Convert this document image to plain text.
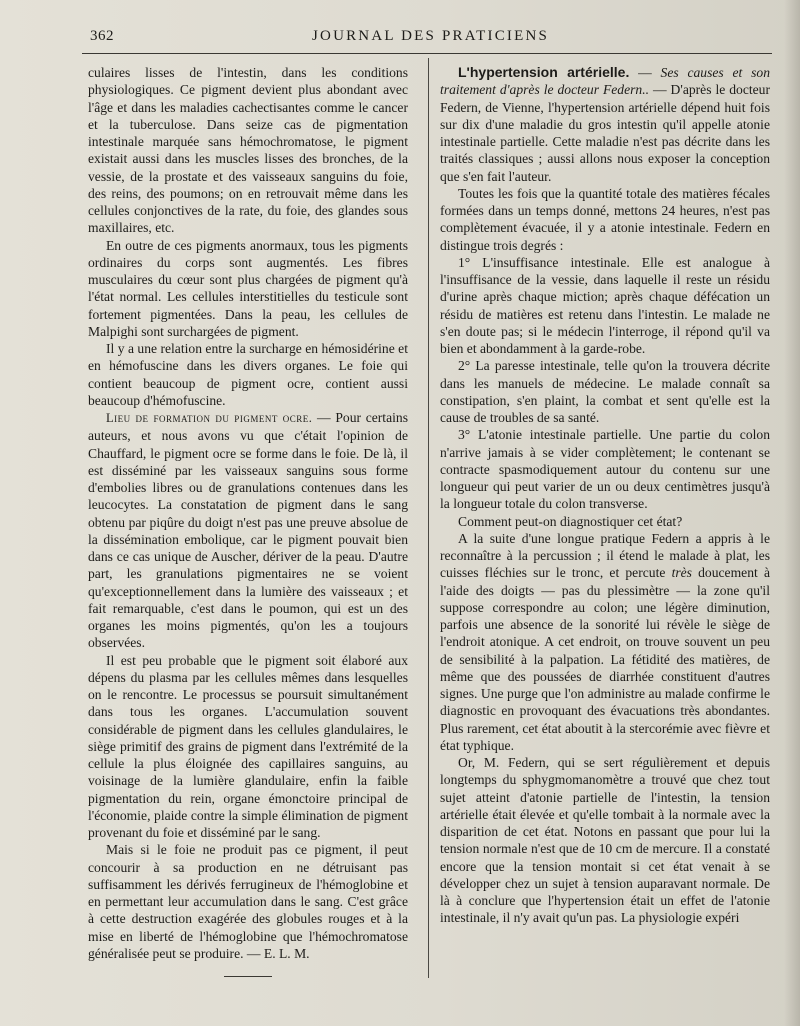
362	JOURNAL DES PRATICIENS

culaires lisses de l'intestin, dans les conditions physiologiques. Ce pigment devient plus abondant avec l'âge et dans les maladies cachectisantes comme le cancer et la tuberculose. Dans seize cas de pigmentation intestinale marquée sans hémochromatose, le pigment existait aussi dans les muscles lisses des bronches, de la vessie, de la prostate et des vaisseaux sanguins du foie, des reins, des poumons; on en retrouvait même dans les cellules conjonctives de la rate, du foie, des glandes sous maxillaires, etc.

En outre de ces pigments anormaux, tous les pigments ordinaires du corps sont augmentés. Les fibres musculaires du cœur sont plus chargées de pigment qu'à l'état normal. Les cellules interstitielles du testicule sont fortement pigmentées. Dans la peau, les cellules de Malpighi sont surchargées de pigment.

Il y a une relation entre la surcharge en hémosidérine et en hémofuscine dans les divers organes. Le foie qui contient beaucoup de pigment ocre, contient aussi beaucoup d'hémofuscine.

Lieu de formation du pigment ocre. — Pour certains auteurs, et nous avons vu que c'était l'opinion de Chauffard, le pigment ocre se forme dans le foie. De là, il est disséminé par les vaisseaux sanguins sous forme d'embolies libres ou de granulations contenues dans les leucocytes. La constatation de pigment dans le sang obtenu par piqûre du doigt n'est pas une preuve absolue de la dissémination embolique, car le pigment pouvait bien dans ce cas unique de Auscher, dériver de la peau. D'autre part, les granulations pigmentaires ne se voient qu'exceptionnellement dans la lumière des vaisseaux ; et fait remarquable, c'est dans le poumon, qui est un des organes les moins pigmentés, qu'on les a toujours observées.

Il est peu probable que le pigment soit élaboré aux dépens du plasma par les cellules mêmes dans lesquelles on le rencontre. Le processus se poursuit simultanément dans tous les organes. L'accumulation souvent considérable de pigment dans les cellules glandulaires, le siège primitif des grains de pigment dans l'extrémité de la cellule la plus éloignée des capillaires sanguins, au voisinage de la lumière glandulaire, enfin la faible pigmentation du rein, organe émonctoire principal de l'économie, plaide contre la simple élimination de pigment provenant du foie et disséminé par le sang.

Mais si le foie ne produit pas ce pigment, il peut concourir à sa production en ne détruisant pas suffisamment les dérivés ferrugineux de l'hémoglobine et en permettant leur accumulation dans le sang. C'est grâce à cette destruction exagérée des globules rouges et à la mise en liberté de l'hémoglobine que l'hémochromatose généralisée peut se produire. — E. L. M.

L'hypertension artérielle. — Ses causes et son traitement d'après le docteur Federn.. — D'après le docteur Federn, de Vienne, l'hypertension artérielle dépend huit fois sur dix d'une maladie du gros intestin qu'il appelle atonie intestinale partielle. Cette maladie n'est pas décrite dans les traités classiques ; aussi allons nous exposer la conception que s'en fait l'auteur.

Toutes les fois que la quantité totale des matières fécales formées dans un temps donné, mettons 24 heures, n'est pas complètement évacuée, il y a atonie intestinale. Federn en distingue trois degrés :

1° L'insuffisance intestinale. Elle est analogue à l'insuffisance de la vessie, dans laquelle il reste un résidu d'urine après chaque miction; après chaque défécation un résidu de matières est retenu dans l'intestin. Le malade ne s'en doute pas; si le médecin l'interroge, il répond qu'il va bien et abondamment à la garde-robe.

2° La paresse intestinale, telle qu'on la trouvera décrite dans les manuels de médecine. Le malade connaît sa constipation, s'en plaint, la combat et sent qu'elle est la cause de troubles de sa santé.

3° L'atonie intestinale partielle. Une partie du colon n'arrive jamais à se vider complètement; le contenant se contracte spasmodiquement autour du contenu sur une longueur qui peut varier de un ou deux centimètres jusqu'à la longueur totale du colon transverse.

Comment peut-on diagnostiquer cet état?

A la suite d'une longue pratique Federn a appris à le reconnaître à la percussion ; il étend le malade à plat, les cuisses fléchies sur le tronc, et percute très doucement à l'aide des doigts — pas du plessimètre — la zone qu'il suppose correspondre au colon; une légère diminution, parfois une absence de la sonorité lui révèle le siège de l'endroit atonique. A cet endroit, on trouve souvent un peu de sensibilité à la palpation. La fétidité des matières, de même que des poussées de diarrhée constituent d'autres signes. Une purge que l'on administre au malade confirme le diagnostic en provoquant des évacuations très abondantes. Plus rarement, cet état aboutit à la stercorémie avec fièvre et état typhique.

Or, M. Federn, qui se sert régulièrement et depuis longtemps du sphygmomanomètre a trouvé que chez tout sujet atteint d'atonie partielle de l'intestin, la tension artérielle était élevée et qu'elle tombait à la normale avec la disparition de cet état. Notons en passant que pour lui la tension normale n'est que de 10 cm de mercure. Il a constaté encore que la tension montait si cet état venait à se développer chez un sujet à tension auparavant normale. De là à conclure que l'hypertension était un effet de l'atonie intestinale, il n'y avait qu'un pas. La physiologie expéri
